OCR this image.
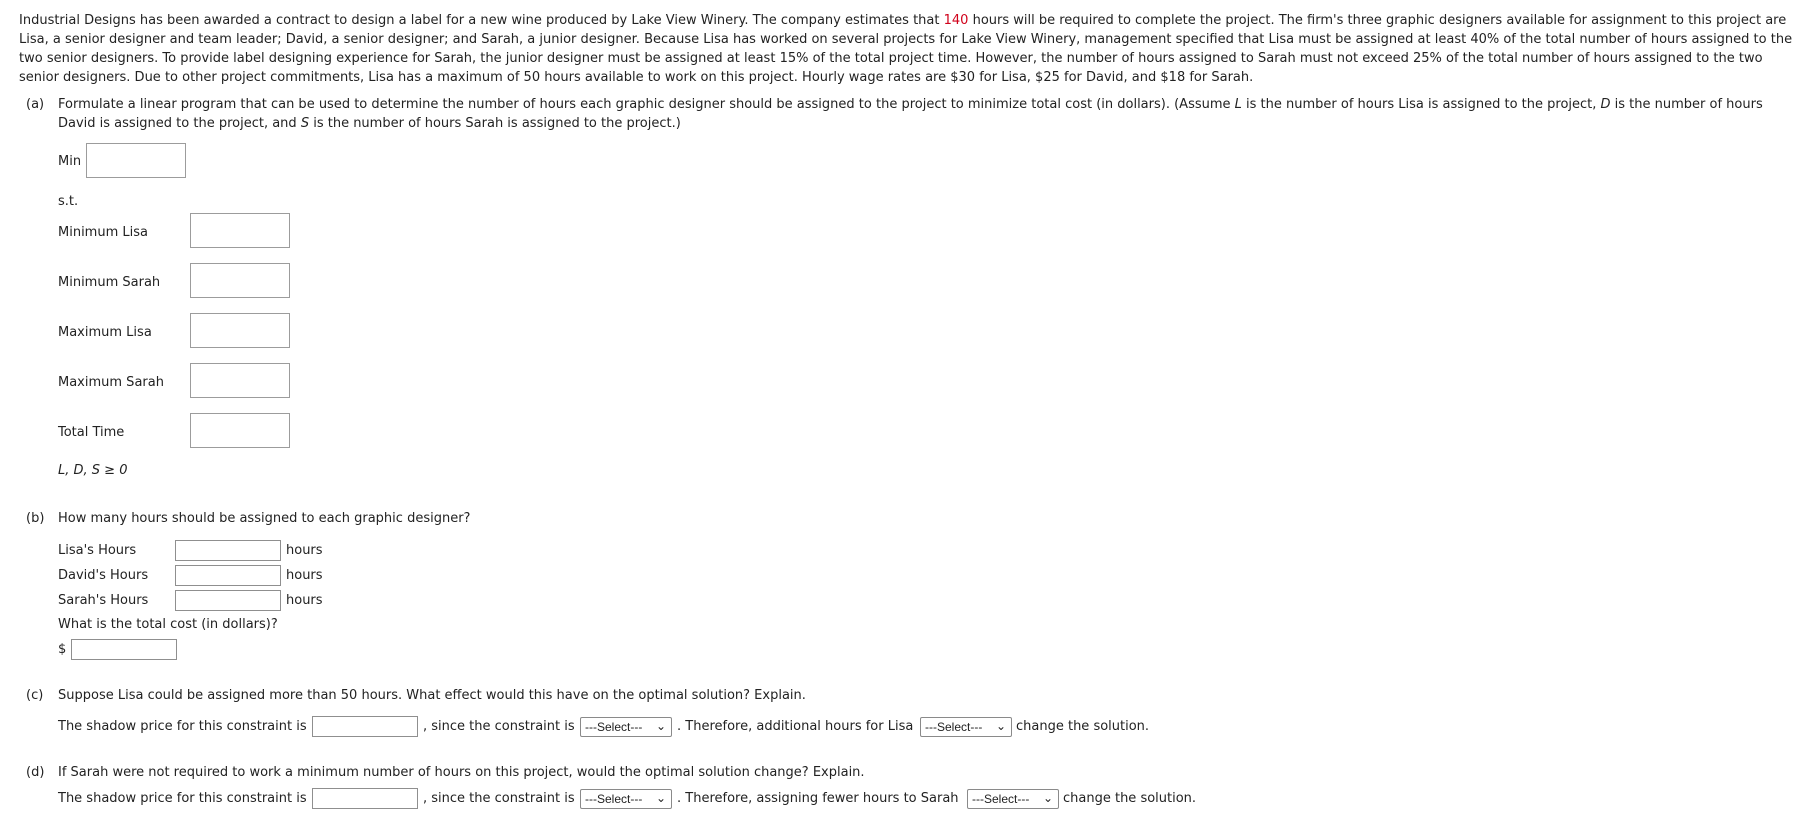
Industrial Designs has been awarded a contract to design a label for a new wine produced by Lake View Winery. The company estimates that 140 hours will be required to complete the project. The firm's three graphic designers available for assignment to this project are Lisa, a senior designer and team leader; David, a senior designer; and Sarah, a junior designer. Because Lisa has worked on several projects for Lake View Winery, management specified that Lisa must be assigned at least 40% of the total number of hours assigned to the two senior designers. To provide label designing experience for Sarah, the junior designer must be assigned at least 15% of the total project time. However, the number of hours assigned to Sarah must not exceed 25% of the total number of hours assigned to the two senior designers. Due to other project commitments, Lisa has a maximum of 50 hours available to work on this project. Hourly wage rates are $30 for Lisa, $25 for David, and $18 for Sarah.
(a) Formulate a linear program that can be used to determine the number of hours each graphic designer should be assigned to the project to minimize total cost (in dollars). (Assume L is the number of hours Lisa is assigned to the project, D is the number of hours David is assigned to the project, and S is the number of hours Sarah is assigned to the project.)
Min
s.t.
Minimum Lisa
Minimum Sarah
Maximum Lisa
Maximum Sarah
Total Time
L, D, S ≥ 0
(b) How many hours should be assigned to each graphic designer?
Lisa's Hours	hours
David's Hours	hours
Sarah's Hours	hours
What is the total cost (in dollars)?
$
(c) Suppose Lisa could be assigned more than 50 hours. What effect would this have on the optimal solution? Explain.
The shadow price for this constraint is	, since the constraint is ---Select--- ⌄ . Therefore, additional hours for Lisa ---Select--- ⌄ change the solution.
(d) If Sarah were not required to work a minimum number of hours on this project, would the optimal solution change? Explain.
The shadow price for this constraint is	, since the constraint is ---Select--- ⌄ . Therefore, assigning fewer hours to Sarah ---Select--- ⌄ change the solution.
